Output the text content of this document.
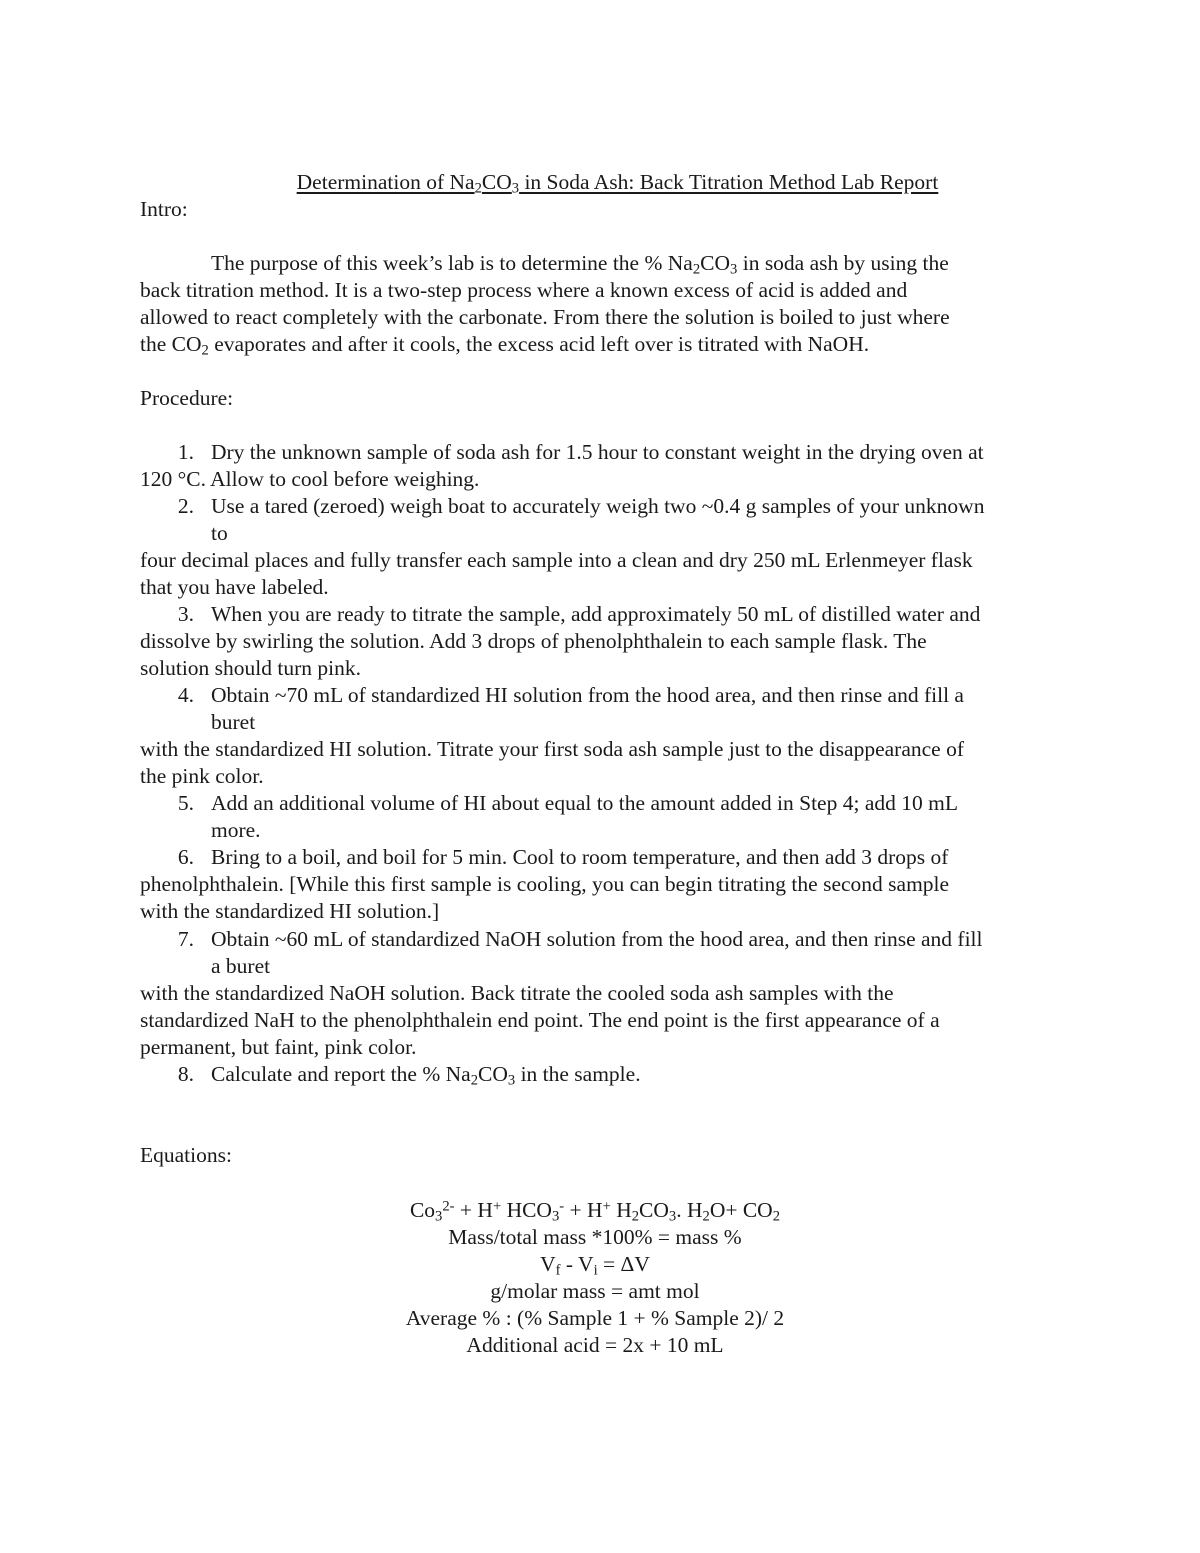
Determination of $Na_2CO_3$ in Soda Ash: Back Titration Method Lab Report
Intro:
The purpose of this week’s lab is to determine the % $Na_2CO_3$ in soda ash by using the
back titration method. It is a two-step process where a known excess of acid is added and
allowed to react completely with the carbonate. From there the solution is boiled to just where
the $CO_2$ evaporates and after it cools, the excess acid left over is titrated with NaOH.
Procedure:
1. Dry the unknown sample of soda ash for 1.5 hour to constant weight in the drying oven at
120 °C. Allow to cool before weighing.
2. Use a tared (zeroed) weigh boat to accurately weigh two ~0.4 g samples of your unknown
to
four decimal places and fully transfer each sample into a clean and dry 250 mL Erlenmeyer flask
that you have labeled.
3. When you are ready to titrate the sample, add approximately 50 mL of distilled water and
dissolve by swirling the solution. Add 3 drops of phenolphthalein to each sample flask. The
solution should turn pink.
4. Obtain ~70 mL of standardized HI solution from the hood area, and then rinse and fill a
buret
with the standardized HI solution. Titrate your first soda ash sample just to the disappearance of
the pink color.
5. Add an additional volume of HI about equal to the amount added in Step 4; add 10 mL
more.
6. Bring to a boil, and boil for 5 min. Cool to room temperature, and then add 3 drops of
phenolphthalein. [While this first sample is cooling, you can begin titrating the second sample
with the standardized HI solution.]
7. Obtain ~60 mL of standardized NaOH solution from the hood area, and then rinse and fill
a buret
with the standardized NaOH solution. Back titrate the cooled soda ash samples with the
standardized NaH to the phenolphthalein end point. The end point is the first appearance of a
permanent, but faint, pink color.
8. Calculate and report the % $Na_2CO_3$ in the sample.
Equations:
$Co_3^{2-} + H^+$ $HCO_3^- + H^+$ $H_2CO_3$. $H_2O+ CO_2$
Mass/total mass *100% = mass %
$V_f - V_i = \Delta V$
g/molar mass = amt mol
Average % : (% Sample 1 + % Sample 2)/ 2
Additional acid = 2x + 10 mL
